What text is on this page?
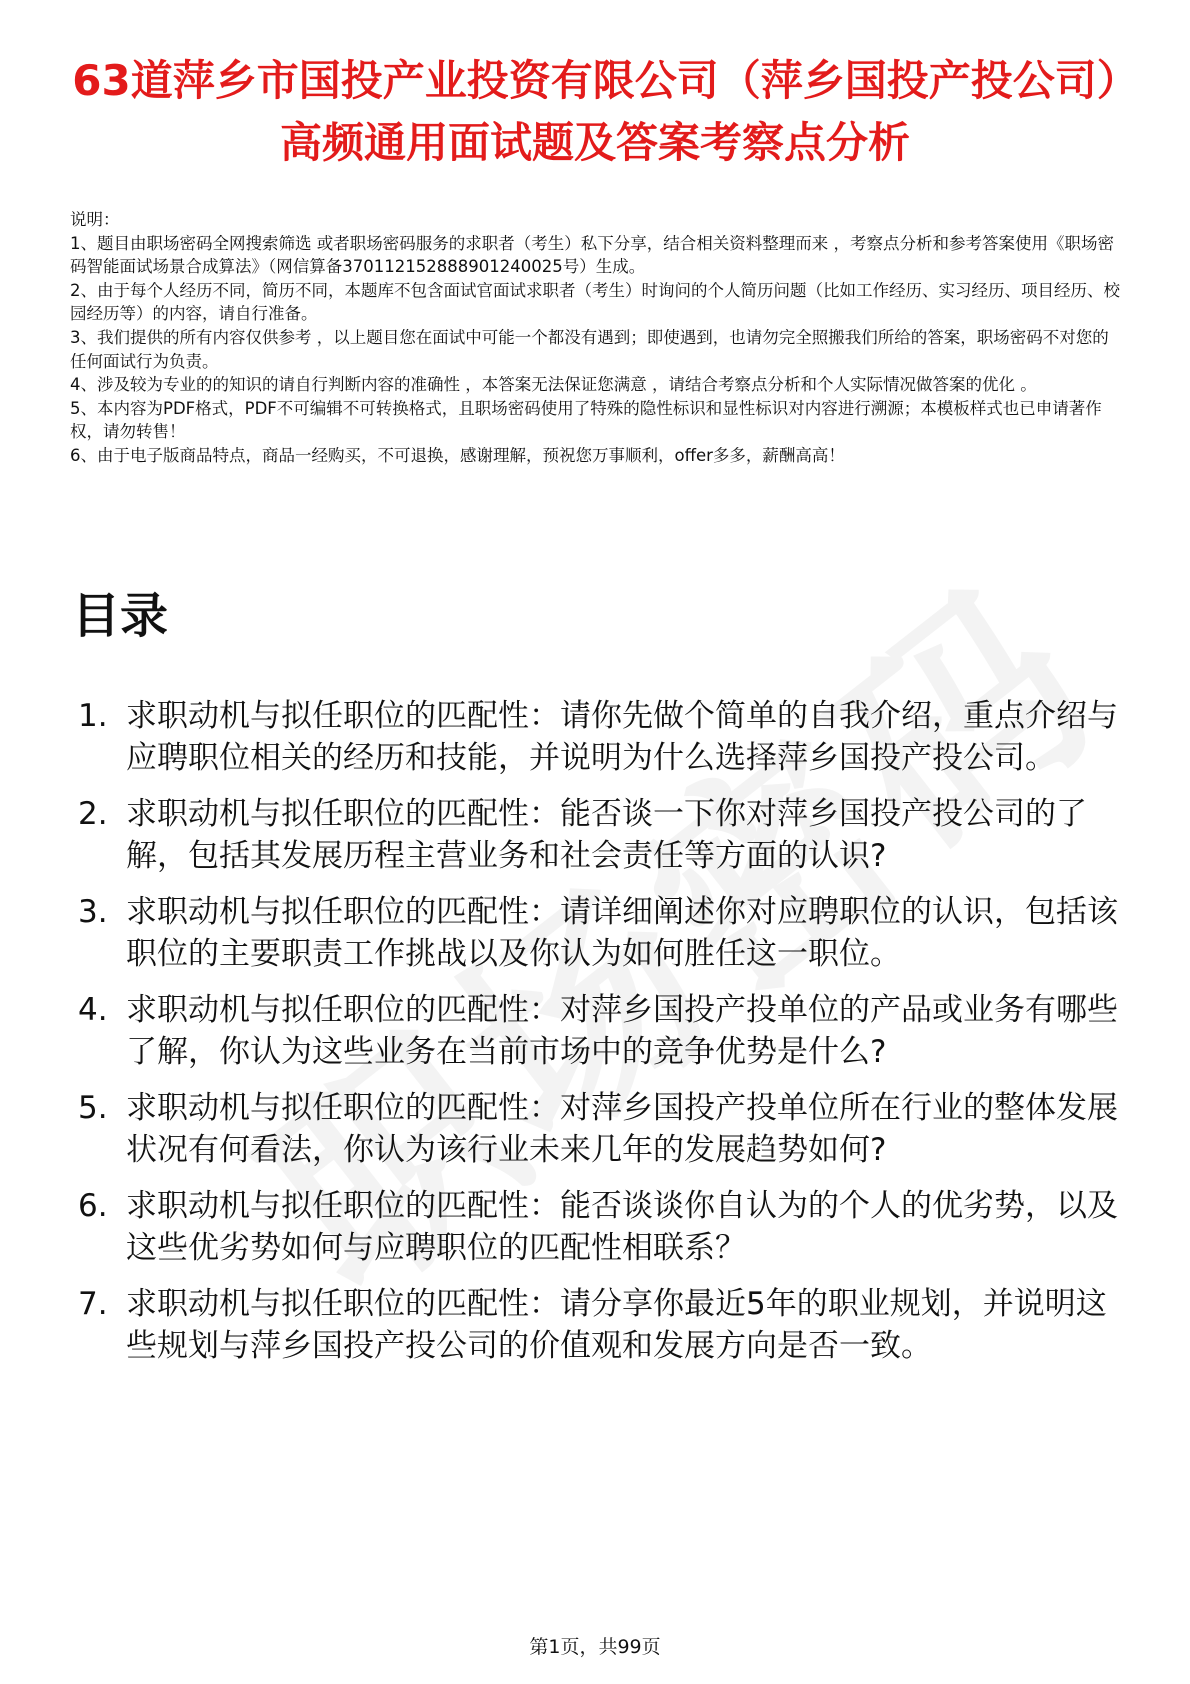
63道萍乡市国投产业投资有限公司（萍乡国投产投公司）高频通用面试题及答案考察点分析

说明：

1、题目由职场密码全网搜索筛选 或者职场密码服务的求职者（考生）私下分享，结合相关资料整理而来 ，考察点分析和参考答案使用《职场密码智能面试场景合成算法》（网信算备370112152888901240025号）生成。

2、由于每个人经历不同，简历不同，本题库不包含面试官面试求职者（考生）时询问的个人简历问题（比如工作经历、实习经历、项目经历、校园经历等）的内容，请自行准备。

3、我们提供的所有内容仅供参考 ，以上题目您在面试中可能一个都没有遇到；即使遇到，也请勿完全照搬我们所给的答案，职场密码不对您的任何面试行为负责。

4、涉及较为专业的的知识的请自行判断内容的准确性 ，本答案无法保证您满意 ，请结合考察点分析和个人实际情况做答案的优化 。

5、本内容为PDF格式，PDF不可编辑不可转换格式，且职场密码使用了特殊的隐性标识和显性标识对内容进行溯源；本模板样式也已申请著作权，请勿转售！

6、由于电子版商品特点，商品一经购买，不可退换，感谢理解，预祝您万事顺利，offer多多，薪酬高高！

目录
1. 求职动机与拟任职位的匹配性：请你先做个简单的自我介绍，重点介绍与应聘职位相关的经历和技能，并说明为什么选择萍乡国投产投公司。
2. 求职动机与拟任职位的匹配性：能否谈一下你对萍乡国投产投公司的了解，包括其发展历程主营业务和社会责任等方面的认识?
3. 求职动机与拟任职位的匹配性：请详细阐述你对应聘职位的认识，包括该职位的主要职责工作挑战以及你认为如何胜任这一职位。
4. 求职动机与拟任职位的匹配性：对萍乡国投产投单位的产品或业务有哪些了解，你认为这些业务在当前市场中的竞争优势是什么?
5. 求职动机与拟任职位的匹配性：对萍乡国投产投单位所在行业的整体发展状况有何看法，你认为该行业未来几年的发展趋势如何?
6. 求职动机与拟任职位的匹配性：能否谈谈你自认为的个人的优劣势，以及这些优劣势如何与应聘职位的匹配性相联系？
7. 求职动机与拟任职位的匹配性：请分享你最近5年的职业规划，并说明这些规划与萍乡国投产投公司的价值观和发展方向是否一致。
第1页，共99页
